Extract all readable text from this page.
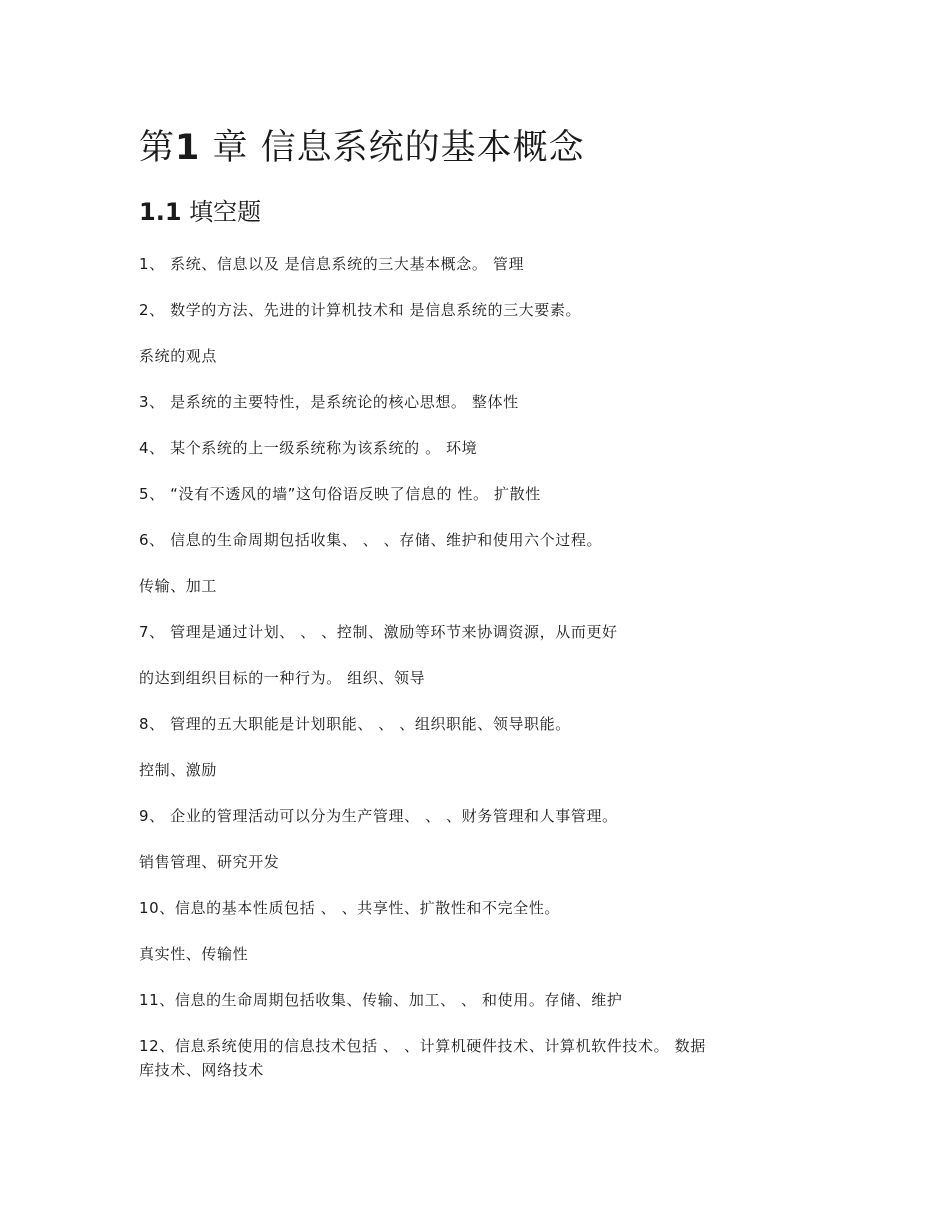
第1 章 信息系统的基本概念
1.1 填空题

1、 系统、信息以及 是信息系统的三大基本概念。 管理

2、 数学的方法、先进的计算机技术和 是信息系统的三大要素。

系统的观点

3、 是系统的主要特性，是系统论的核心思想。 整体性

4、 某个系统的上一级系统称为该系统的 。 环境

5、 “没有不透风的墙”这句俗语反映了信息的 性。 扩散性

6、 信息的生命周期包括收集、 、 、存储、维护和使用六个过程。

传输、加工

7、 管理是通过计划、 、 、控制、激励等环节来协调资源，从而更好

的达到组织目标的一种行为。 组织、领导

8、 管理的五大职能是计划职能、 、 、组织职能、领导职能。

控制、激励

9、 企业的管理活动可以分为生产管理、 、 、财务管理和人事管理。

销售管理、研究开发

10、信息的基本性质包括 、 、共享性、扩散性和不完全性。

真实性、传输性

11、信息的生命周期包括收集、传输、加工、 、 和使用。存储、维护

12、信息系统使用的信息技术包括 、 、计算机硬件技术、计算机软件技术。 数据

库技术、网络技术
